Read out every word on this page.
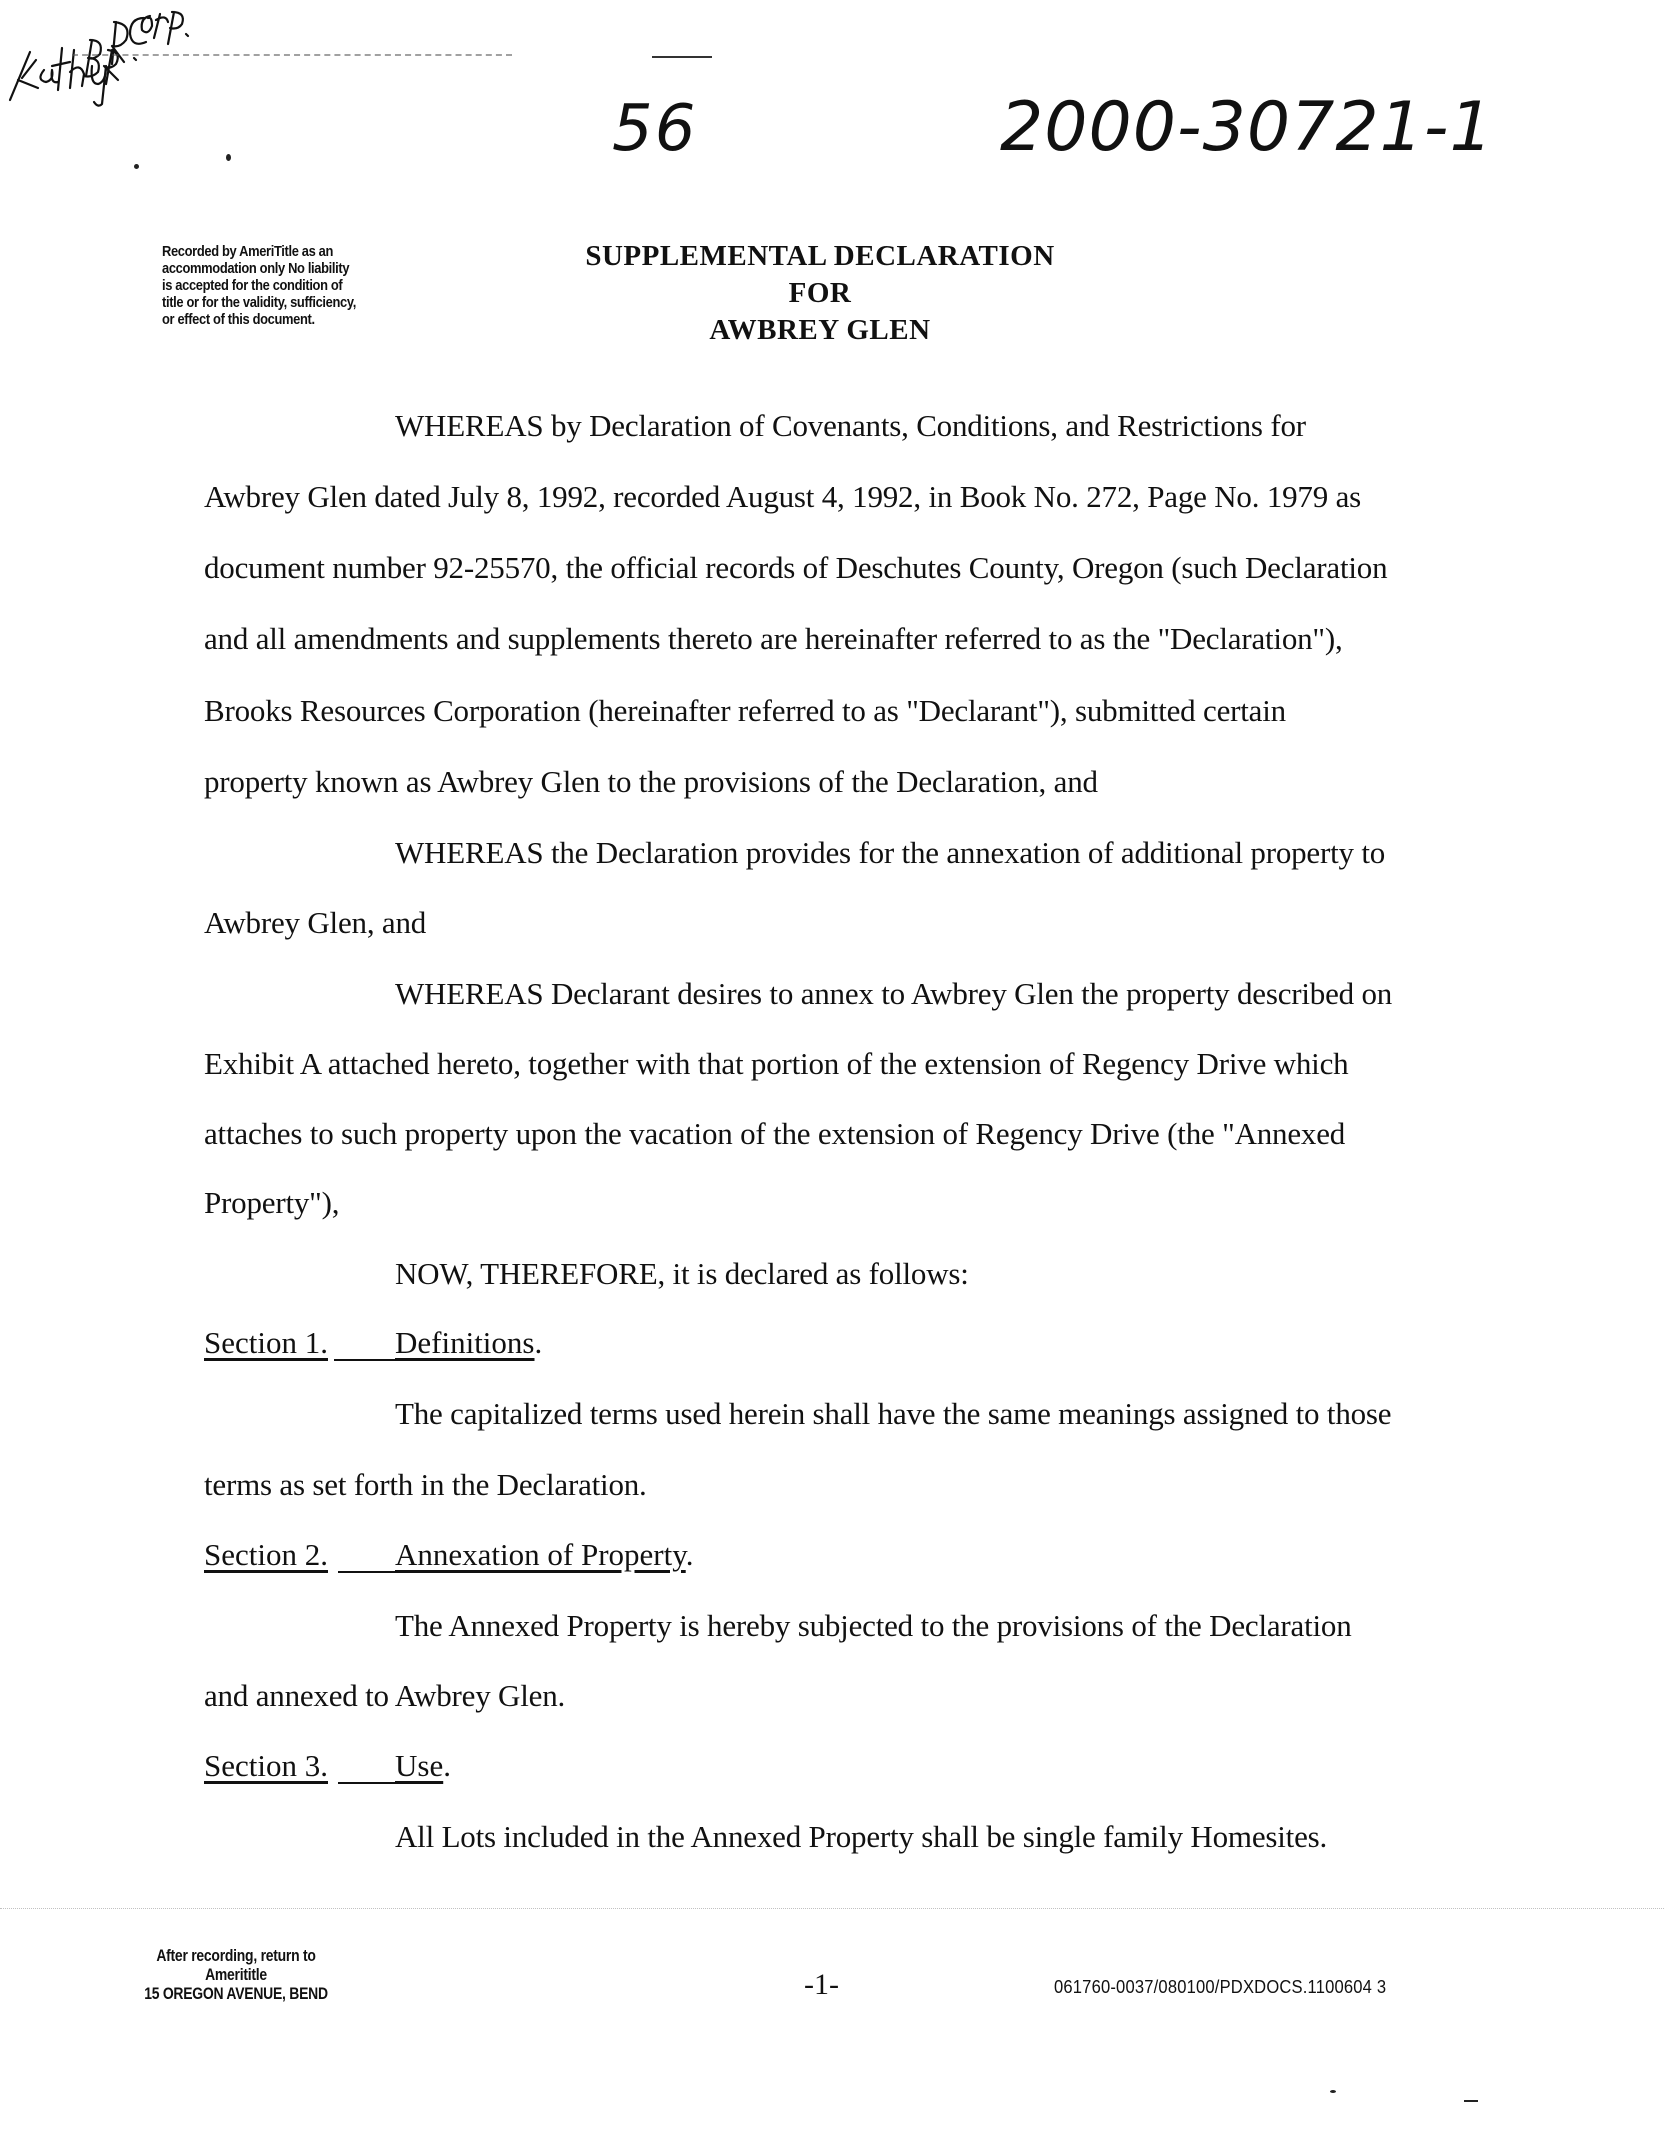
56	2000-30721-1
Recorded by AmeriTitle as an
accommodation only No liability
is accepted for the condition of
title or for the validity, sufficiency,
or effect of this document.
SUPPLEMENTAL DECLARATION
FOR
AWBREY GLEN
WHEREAS by Declaration of Covenants, Conditions, and Restrictions for
Awbrey Glen dated July 8, 1992, recorded August 4, 1992, in Book No. 272, Page No. 1979 as
document number 92-25570, the official records of Deschutes County, Oregon (such Declaration
and all amendments and supplements thereto are hereinafter referred to as the "Declaration"),
Brooks Resources Corporation (hereinafter referred to as "Declarant"), submitted certain
property known as Awbrey Glen to the provisions of the Declaration, and
WHEREAS the Declaration provides for the annexation of additional property to
Awbrey Glen, and
WHEREAS Declarant desires to annex to Awbrey Glen the property described on
Exhibit A attached hereto, together with that portion of the extension of Regency Drive which
attaches to such property upon the vacation of the extension of Regency Drive (the "Annexed
Property"),
NOW, THEREFORE, it is declared as follows:
Section 1. Definitions.
The capitalized terms used herein shall have the same meanings assigned to those
terms as set forth in the Declaration.
Section 2. Annexation of Property.
The Annexed Property is hereby subjected to the provisions of the Declaration
and annexed to Awbrey Glen.
Section 3. Use.
All Lots included in the Annexed Property shall be single family Homesites.
After recording, return to
Amerititle
15 OREGON AVENUE, BEND	-1-	061760-0037/080100/PDXDOCS.1100604 3
